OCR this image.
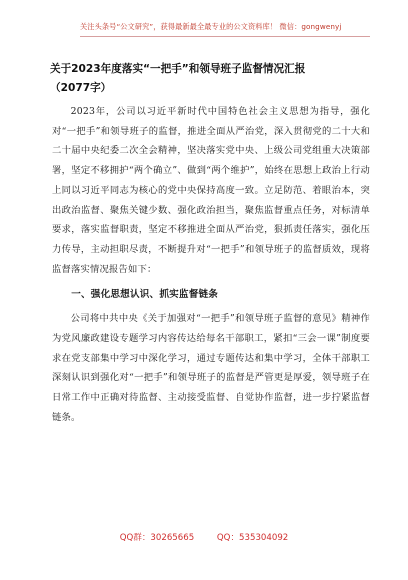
关注头条号“公文研究”，获得最新最全最专业的公文资料库！ 微信：gongwenyj
关于2023年度落实“一把手”和领导班子监督情况汇报
（2077字）

2023年，公司以习近平新时代中国特色社会主义思想为指导，强化对“一把手”和领导班子的监督，推进全面从严治党，深入贯彻党的二十大和二十届中央纪委二次全会精神，坚决落实党中央、上级公司党组重大决策部署，坚定不移拥护“两个确立”、做到“两个维护”，始终在思想上政治上行动上同以习近平同志为核心的党中央保持高度一致。立足防范、着眼治本，突出政治监督、聚焦关键少数、强化政治担当，聚焦监督重点任务，对标清单要求，落实监督职责，坚定不移推进全面从严治党，狠抓责任落实，强化压力传导，主动担职尽责，不断提升对“一把手”和领导班子的监督质效，现将监督落实情况报告如下：

一、强化思想认识、抓实监督链条

公司将中共中央《关于加强对“一把手”和领导班子监督的意见》精神作为党风廉政建设专题学习内容传达给每名干部职工，紧扣“三会一课”制度要求在党支部集中学习中深化学习，通过专题传达和集中学习，全体干部职工深刻认识到强化对“一把手”和领导班子的监督是严管更是厚爱，领导班子在日常工作中正确对待监督、主动接受监督、自觉协作监督，进一步拧紧监督链条。

QQ群：30265665	QQ：535304092
